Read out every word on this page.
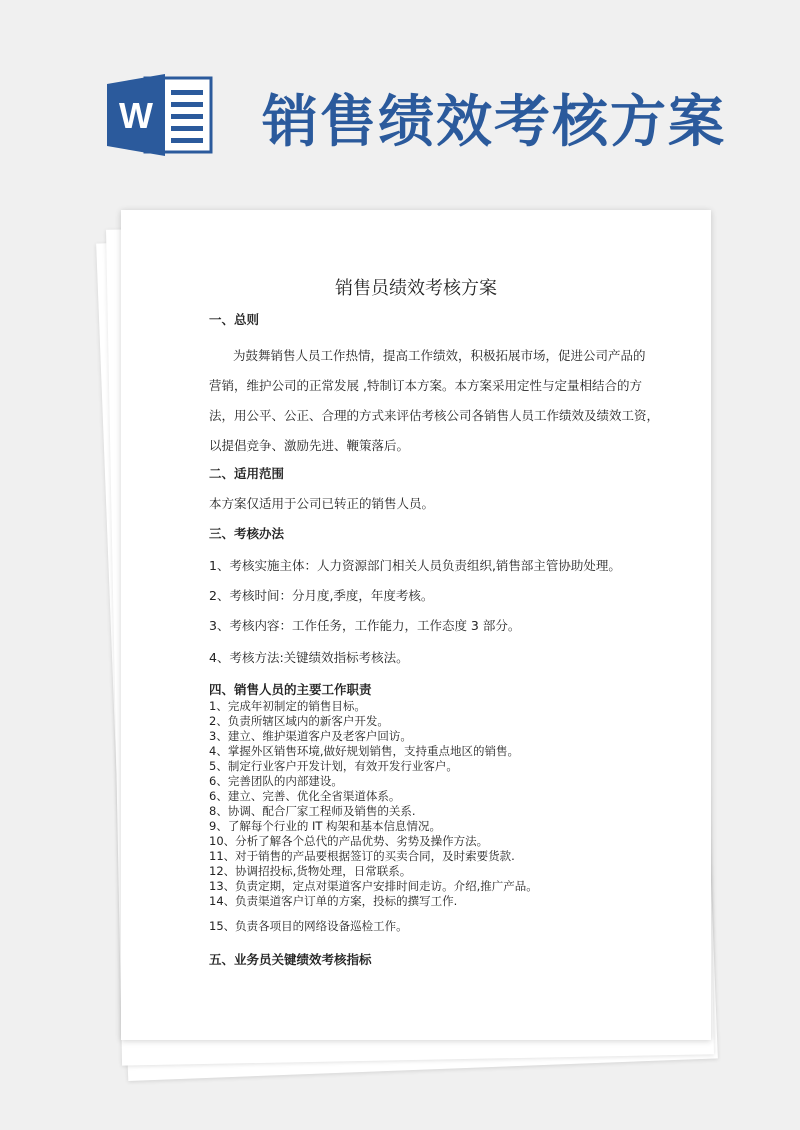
W 销售绩效考核方案
销售员绩效考核方案
一、总则
为鼓舞销售人员工作热情，提高工作绩效，积极拓展市场，促进公司产品的
营销，维护公司的正常发展 ,特制订本方案。本方案采用定性与定量相结合的方
法，用公平、公正、合理的方式来评估考核公司各销售人员工作绩效及绩效工资，
以提倡竞争、激励先进、鞭策落后。
二、适用范围
本方案仅适用于公司已转正的销售人员。
三、考核办法
1、考核实施主体：人力资源部门相关人员负责组织,销售部主管协助处理。
2、考核时间：分月度,季度，年度考核。
3、考核内容：工作任务，工作能力，工作态度 3 部分。
4、考核方法:关键绩效指标考核法。
四、销售人员的主要工作职责
1、完成年初制定的销售目标。
2、负责所辖区域内的新客户开发。
3、建立、维护渠道客户及老客户回访。
4、掌握外区销售环境,做好规划销售，支持重点地区的销售。
5、制定行业客户开发计划，有效开发行业客户。
6、完善团队的内部建设。
6、建立、完善、优化全省渠道体系。
8、协调、配合厂家工程师及销售的关系.
9、了解每个行业的 IT 构架和基本信息情况。
10、分析了解各个总代的产品优势、劣势及操作方法。
11、对于销售的产品要根据签订的买卖合同，及时索要货款.
12、协调招投标,货物处理，日常联系。
13、负责定期，定点对渠道客户安排时间走访。介绍,推广产品。
14、负责渠道客户订单的方案，投标的撰写工作.
15、负责各项目的网络设备巡检工作。
五、业务员关键绩效考核指标
